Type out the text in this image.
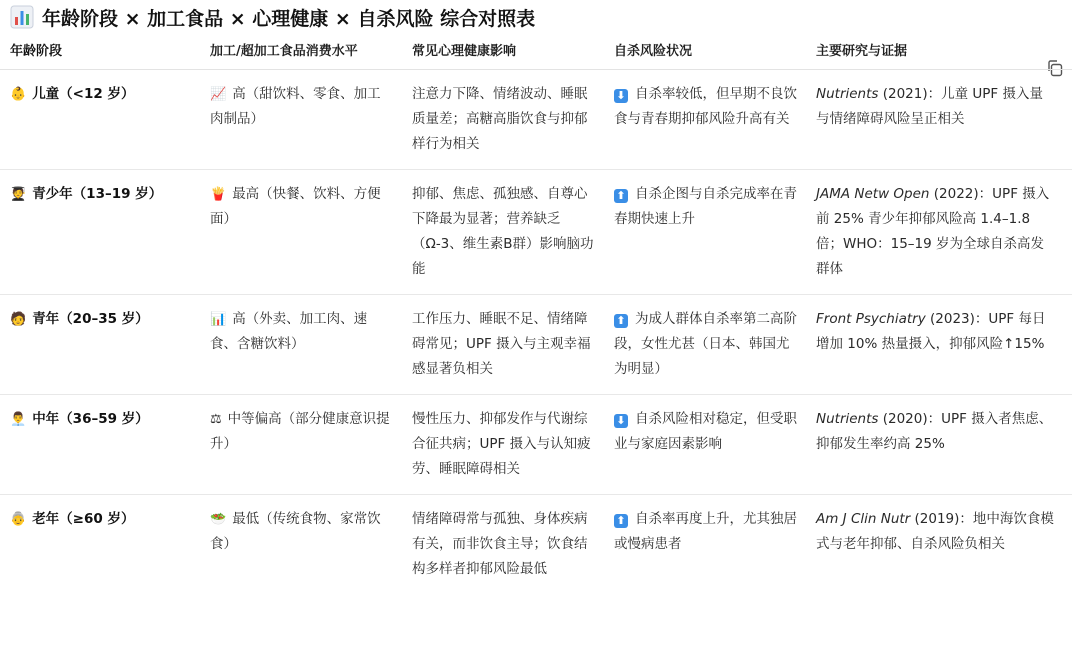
年龄阶段 × 加工食品 × 心理健康 × 自杀风险 综合对照表
年龄阶段	加工/超加工食品消费水平	常见心理健康影响	自杀风险状况	主要研究与证据

👶 儿童（<12 岁）	📈 高（甜饮料、零食、加工肉制品）	注意力下降、情绪波动、睡眠质量差；高糖高脂饮食与抑郁样行为相关	⬇ 自杀率较低，但早期不良饮食与青春期抑郁风险升高有关	Nutrients (2021)：儿童 UPF 摄入量与情绪障碍风险呈正相关

🧑‍🎓 青少年（13–19 岁）	🍟 最高（快餐、饮料、方便面）	抑郁、焦虑、孤独感、自尊心下降最为显著；营养缺乏（Ω-3、维生素B群）影响脑功能	⬆ 自杀企图与自杀完成率在青春期快速上升	JAMA Netw Open (2022)：UPF 摄入前 25% 青少年抑郁风险高 1.4–1.8 倍；WHO：15–19 岁为全球自杀高发群体

🧑 青年（20–35 岁）	📊 高（外卖、加工肉、速食、含糖饮料）	工作压力、睡眠不足、情绪障碍常见；UPF 摄入与主观幸福感显著负相关	⬆ 为成人群体自杀率第二高阶段，女性尤甚（日本、韩国尤为明显）	Front Psychiatry (2023)：UPF 每日增加 10% 热量摄入，抑郁风险↑15%

👨‍💼 中年（36–59 岁）	⚖ 中等偏高（部分健康意识提升）	慢性压力、抑郁发作与代谢综合征共病；UPF 摄入与认知疲劳、睡眠障碍相关	⬇ 自杀风险相对稳定，但受职业与家庭因素影响	Nutrients (2020)：UPF 摄入者焦虑、抑郁发生率约高 25%

👵 老年（≥60 岁）	🥗 最低（传统食物、家常饮食）	情绪障碍常与孤独、身体疾病有关，而非饮食主导；饮食结构多样者抑郁风险最低	⬆ 自杀率再度上升，尤其独居或慢病患者	Am J Clin Nutr (2019)：地中海饮食模式与老年抑郁、自杀风险负相关
